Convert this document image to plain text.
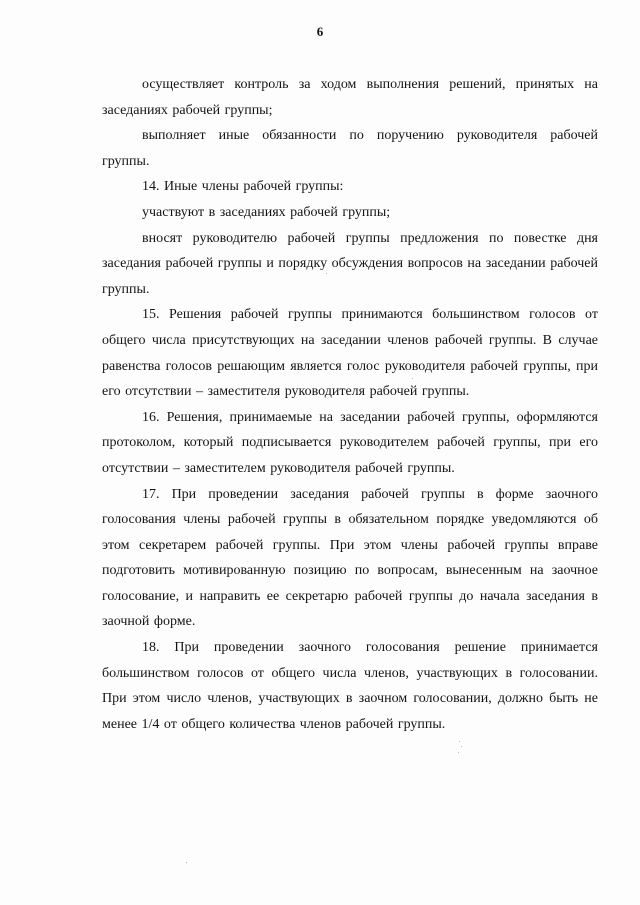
6

осуществляет контроль за ходом выполнения решений, принятых на заседаниях рабочей группы;

выполняет иные обязанности по поручению руководителя рабочей группы.

14. Иные члены рабочей группы:

участвуют в заседаниях рабочей группы;

вносят руководителю рабочей группы предложения по повестке дня заседания рабочей группы и порядку обсуждения вопросов на заседании рабочей группы.

15. Решения рабочей группы принимаются большинством голосов от общего числа присутствующих на заседании членов рабочей группы. В случае равенства голосов решающим является голос руководителя рабочей группы, при его отсутствии – заместителя руководителя рабочей группы.

16. Решения, принимаемые на заседании рабочей группы, оформляются протоколом, который подписывается руководителем рабочей группы, при его отсутствии – заместителем руководителя рабочей группы.

17. При проведении заседания рабочей группы в форме заочного голосования члены рабочей группы в обязательном порядке уведомляются об этом секретарем рабочей группы. При этом члены рабочей группы вправе подготовить мотивированную позицию по вопросам, вынесенным на заочное голосование, и направить ее секретарю рабочей группы до начала заседания в заочной форме.

18. При проведении заочного голосования решение принимается большинством голосов от общего числа членов, участвующих в голосовании. При этом число членов, участвующих в заочном голосовании, должно быть не менее 1/4 от общего количества членов рабочей группы.
